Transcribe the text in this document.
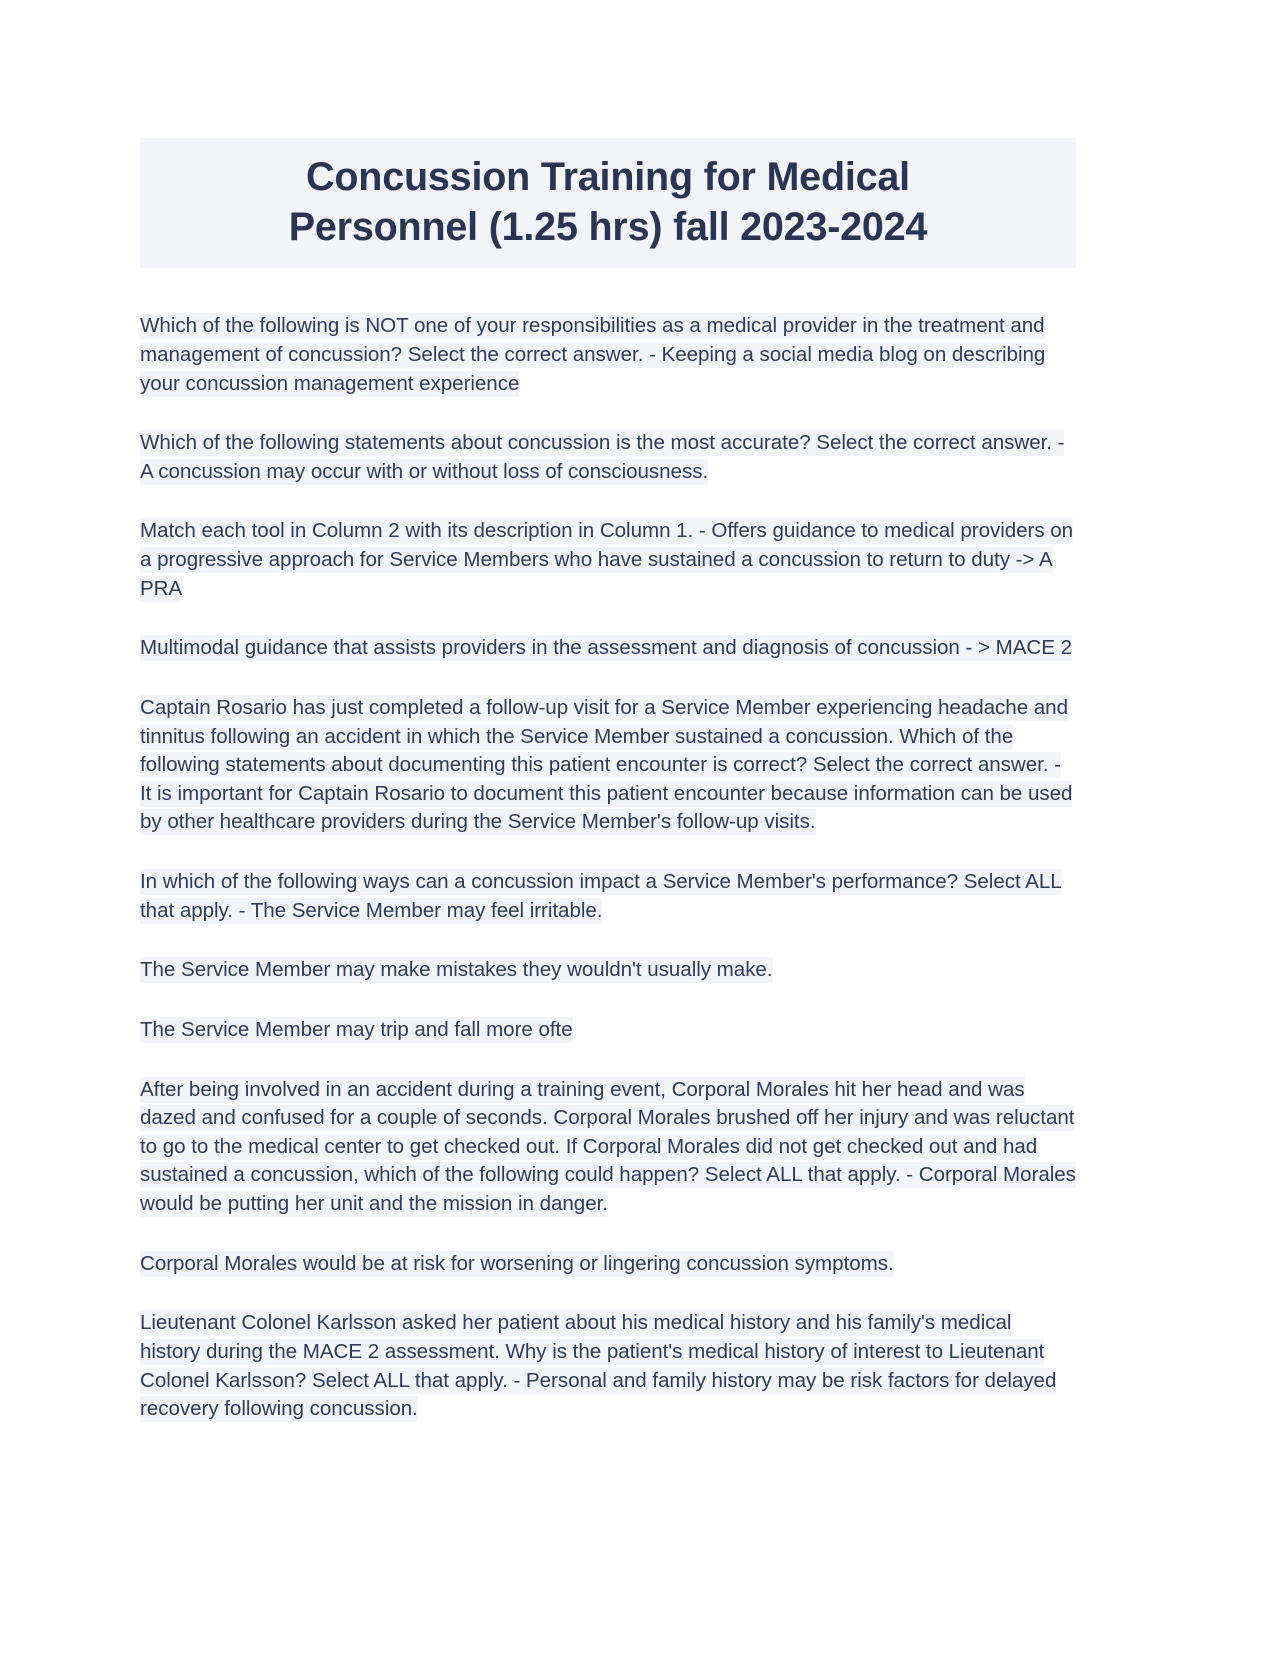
Concussion Training for Medical
Personnel (1.25 hrs) fall 2023-2024

Which of the following is NOT one of your responsibilities as a medical provider in the treatment and management of concussion? Select the correct answer. - Keeping a social media blog on describing your concussion management experience

Which of the following statements about concussion is the most accurate? Select the correct answer. - A concussion may occur with or without loss of consciousness.

Match each tool in Column 2 with its description in Column 1. - Offers guidance to medical providers on a progressive approach for Service Members who have sustained a concussion to return to duty -> A PRA

Multimodal guidance that assists providers in the assessment and diagnosis of concussion - > MACE 2

Captain Rosario has just completed a follow-up visit for a Service Member experiencing headache and tinnitus following an accident in which the Service Member sustained a concussion. Which of the following statements about documenting this patient encounter is correct? Select the correct answer. - It is important for Captain Rosario to document this patient encounter because information can be used by other healthcare providers during the Service Member's follow-up visits.

In which of the following ways can a concussion impact a Service Member's performance? Select ALL that apply. - The Service Member may feel irritable.

The Service Member may make mistakes they wouldn't usually make.

The Service Member may trip and fall more ofte

After being involved in an accident during a training event, Corporal Morales hit her head and was dazed and confused for a couple of seconds. Corporal Morales brushed off her injury and was reluctant to go to the medical center to get checked out. If Corporal Morales did not get checked out and had sustained a concussion, which of the following could happen? Select ALL that apply. - Corporal Morales would be putting her unit and the mission in danger.

Corporal Morales would be at risk for worsening or lingering concussion symptoms.

Lieutenant Colonel Karlsson asked her patient about his medical history and his family's medical history during the MACE 2 assessment. Why is the patient's medical history of interest to Lieutenant Colonel Karlsson? Select ALL that apply. - Personal and family history may be risk factors for delayed recovery following concussion.
